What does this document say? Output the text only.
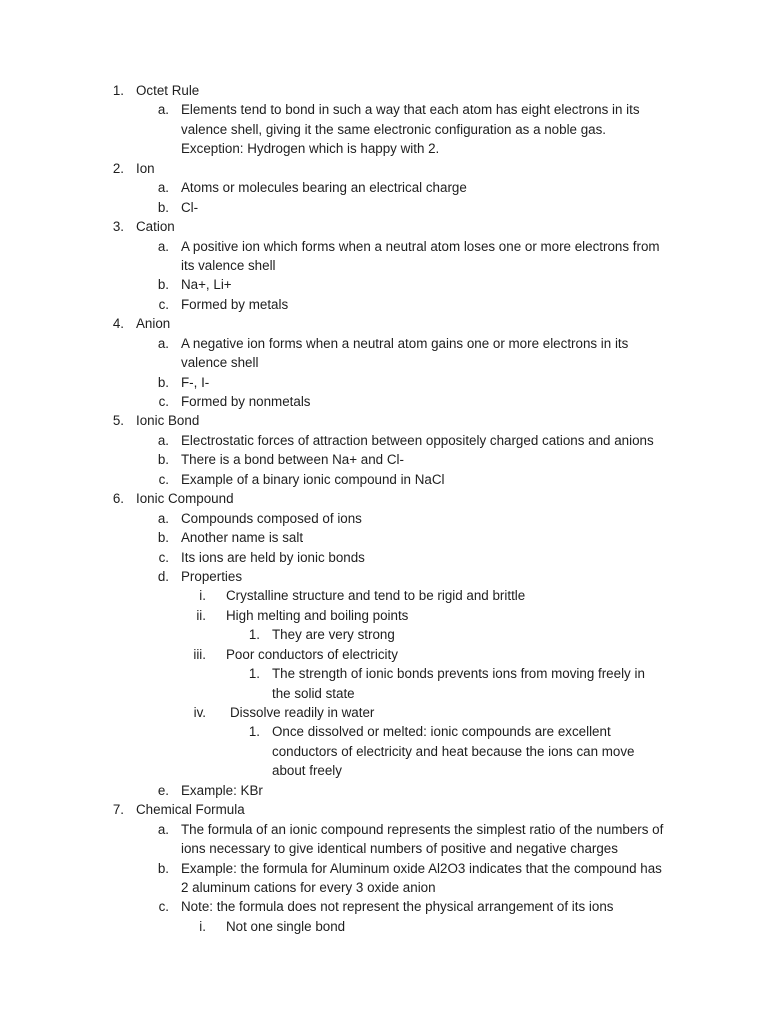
1. Octet Rule
a. Elements tend to bond in such a way that each atom has eight electrons in its
valence shell, giving it the same electronic configuration as a noble gas.
Exception: Hydrogen which is happy with 2.
2. Ion
a. Atoms or molecules bearing an electrical charge
b. Cl-
3. Cation
a. A positive ion which forms when a neutral atom loses one or more electrons from
its valence shell
b. Na+, Li+
c. Formed by metals
4. Anion
a. A negative ion forms when a neutral atom gains one or more electrons in its
valence shell
b. F-, I-
c. Formed by nonmetals
5. Ionic Bond
a. Electrostatic forces of attraction between oppositely charged cations and anions
b. There is a bond between Na+ and Cl-
c. Example of a binary ionic compound in NaCl
6. Ionic Compound
a. Compounds composed of ions
b. Another name is salt
c. Its ions are held by ionic bonds
d. Properties
i. Crystalline structure and tend to be rigid and brittle
ii. High melting and boiling points
1. They are very strong
iii. Poor conductors of electricity
1. The strength of ionic bonds prevents ions from moving freely in
the solid state
iv. Dissolve readily in water
1. Once dissolved or melted: ionic compounds are excellent
conductors of electricity and heat because the ions can move
about freely
e. Example: KBr
7. Chemical Formula
a. The formula of an ionic compound represents the simplest ratio of the numbers of
ions necessary to give identical numbers of positive and negative charges
b. Example: the formula for Aluminum oxide Al2O3 indicates that the compound has
2 aluminum cations for every 3 oxide anion
c. Note: the formula does not represent the physical arrangement of its ions
i. Not one single bond
